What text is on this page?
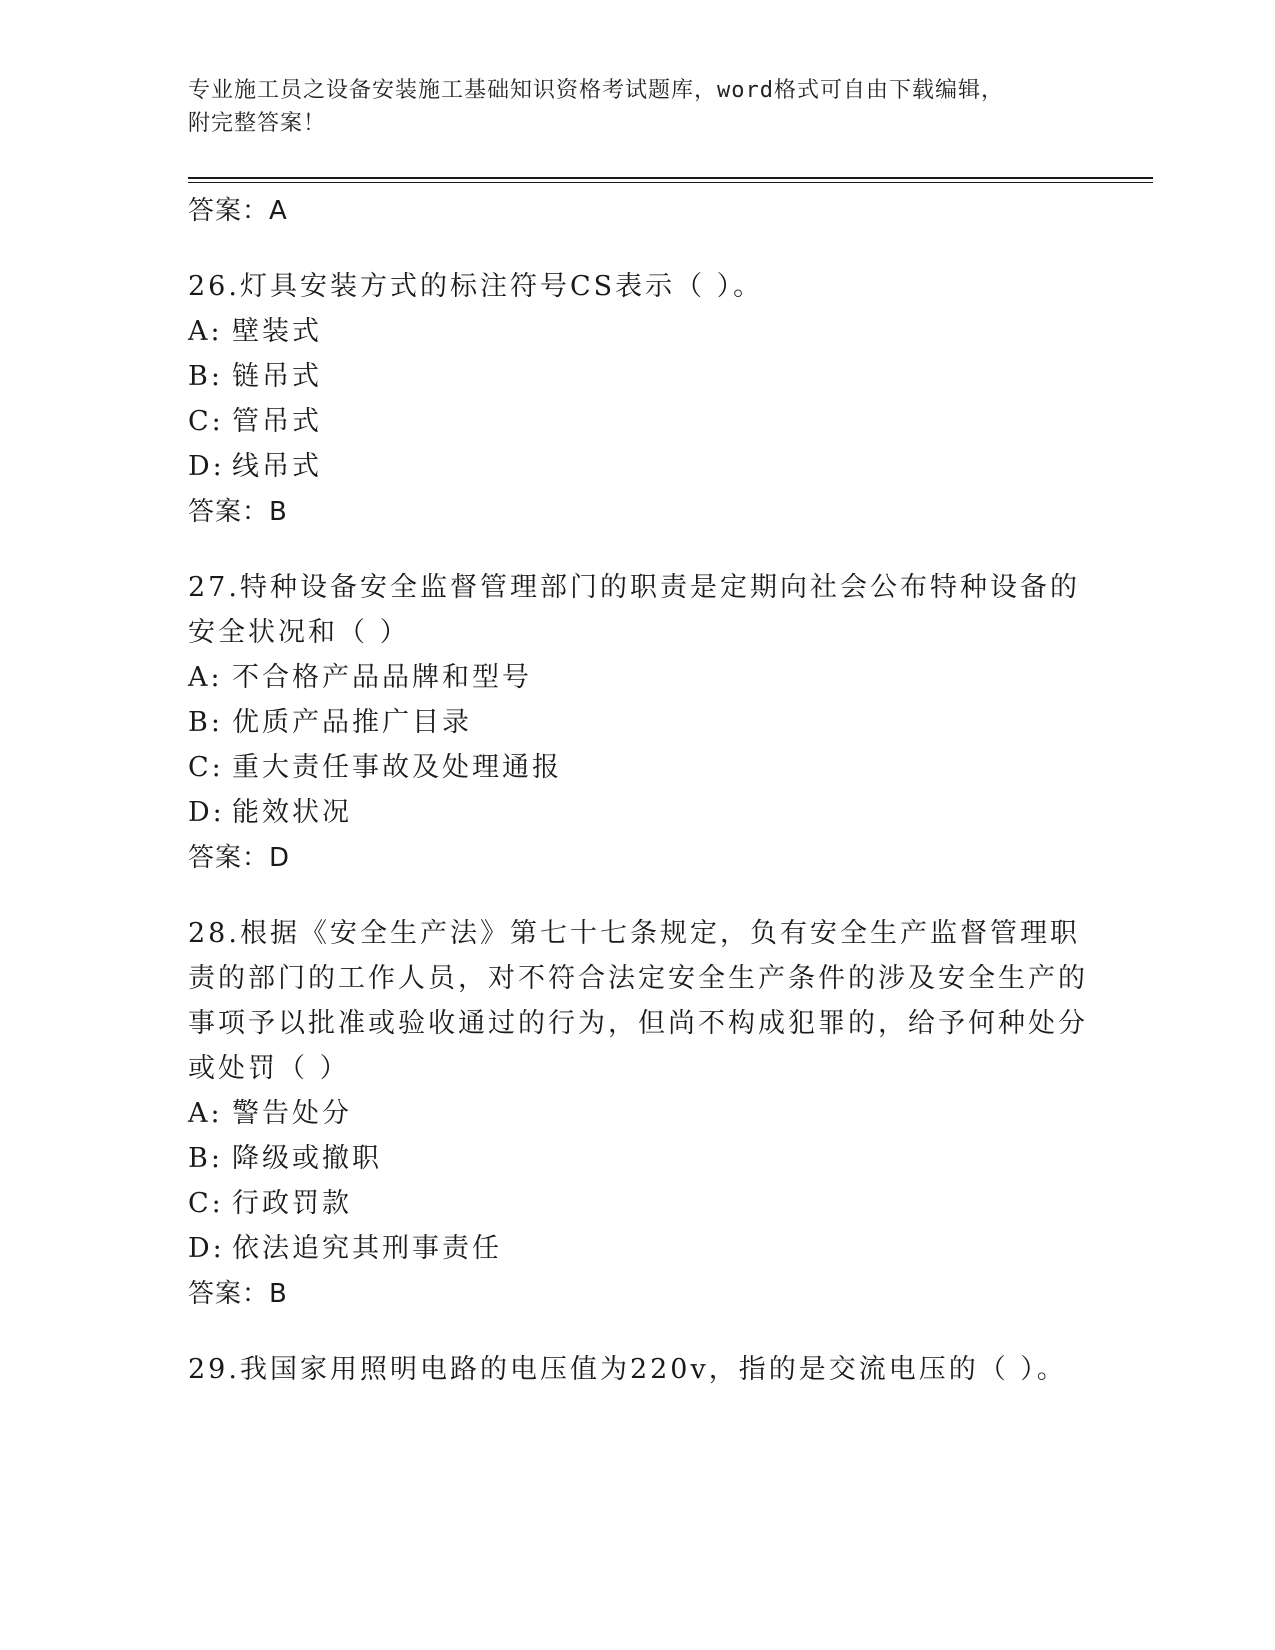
专业施工员之设备安装施工基础知识资格考试题库，word格式可自由下载编辑，
附完整答案！

答案：A

26.灯具安装方式的标注符号CS表示（ ）。

A: 壁装式

B: 链吊式

C: 管吊式

D: 线吊式

答案：B

27.特种设备安全监督管理部门的职责是定期向社会公布特种设备的安全状况和（ ）

A: 不合格产品品牌和型号

B: 优质产品推广目录

C: 重大责任事故及处理通报

D: 能效状况

答案：D

28.根据《安全生产法》第七十七条规定，负有安全生产监督管理职责的部门的工作人员，对不符合法定安全生产条件的涉及安全生产的事项予以批准或验收通过的行为，但尚不构成犯罪的，给予何种处分或处罚（ ）

A: 警告处分

B: 降级或撤职

C: 行政罚款

D: 依法追究其刑事责任

答案：B

29.我国家用照明电路的电压值为220v，指的是交流电压的（ ）。
